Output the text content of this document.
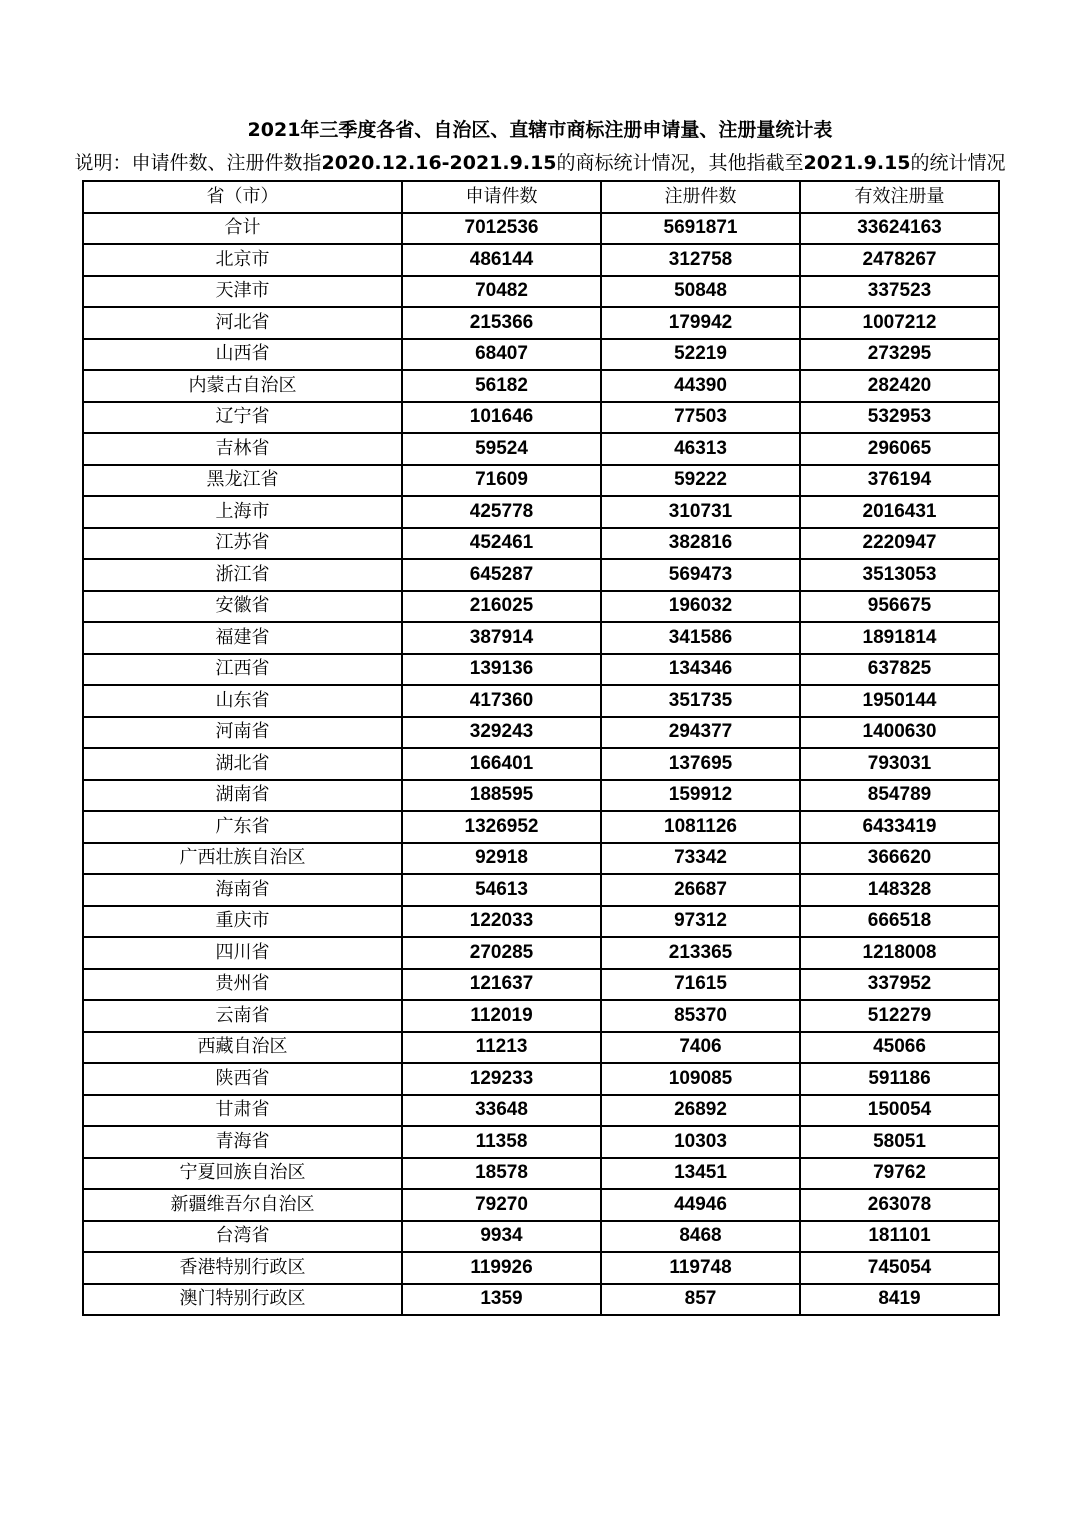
2021年三季度各省、自治区、直辖市商标注册申请量、注册量统计表
说明：申请件数、注册件数指2020.12.16-2021.9.15的商标统计情况，其他指截至2021.9.15的统计情况
省（市）	申请件数	注册件数	有效注册量
合计	7012536	5691871	33624163
北京市	486144	312758	2478267
天津市	70482	50848	337523
河北省	215366	179942	1007212
山西省	68407	52219	273295
内蒙古自治区	56182	44390	282420
辽宁省	101646	77503	532953
吉林省	59524	46313	296065
黑龙江省	71609	59222	376194
上海市	425778	310731	2016431
江苏省	452461	382816	2220947
浙江省	645287	569473	3513053
安徽省	216025	196032	956675
福建省	387914	341586	1891814
江西省	139136	134346	637825
山东省	417360	351735	1950144
河南省	329243	294377	1400630
湖北省	166401	137695	793031
湖南省	188595	159912	854789
广东省	1326952	1081126	6433419
广西壮族自治区	92918	73342	366620
海南省	54613	26687	148328
重庆市	122033	97312	666518
四川省	270285	213365	1218008
贵州省	121637	71615	337952
云南省	112019	85370	512279
西藏自治区	11213	7406	45066
陕西省	129233	109085	591186
甘肃省	33648	26892	150054
青海省	11358	10303	58051
宁夏回族自治区	18578	13451	79762
新疆维吾尔自治区	79270	44946	263078
台湾省	9934	8468	181101
香港特别行政区	119926	119748	745054
澳门特别行政区	1359	857	8419
